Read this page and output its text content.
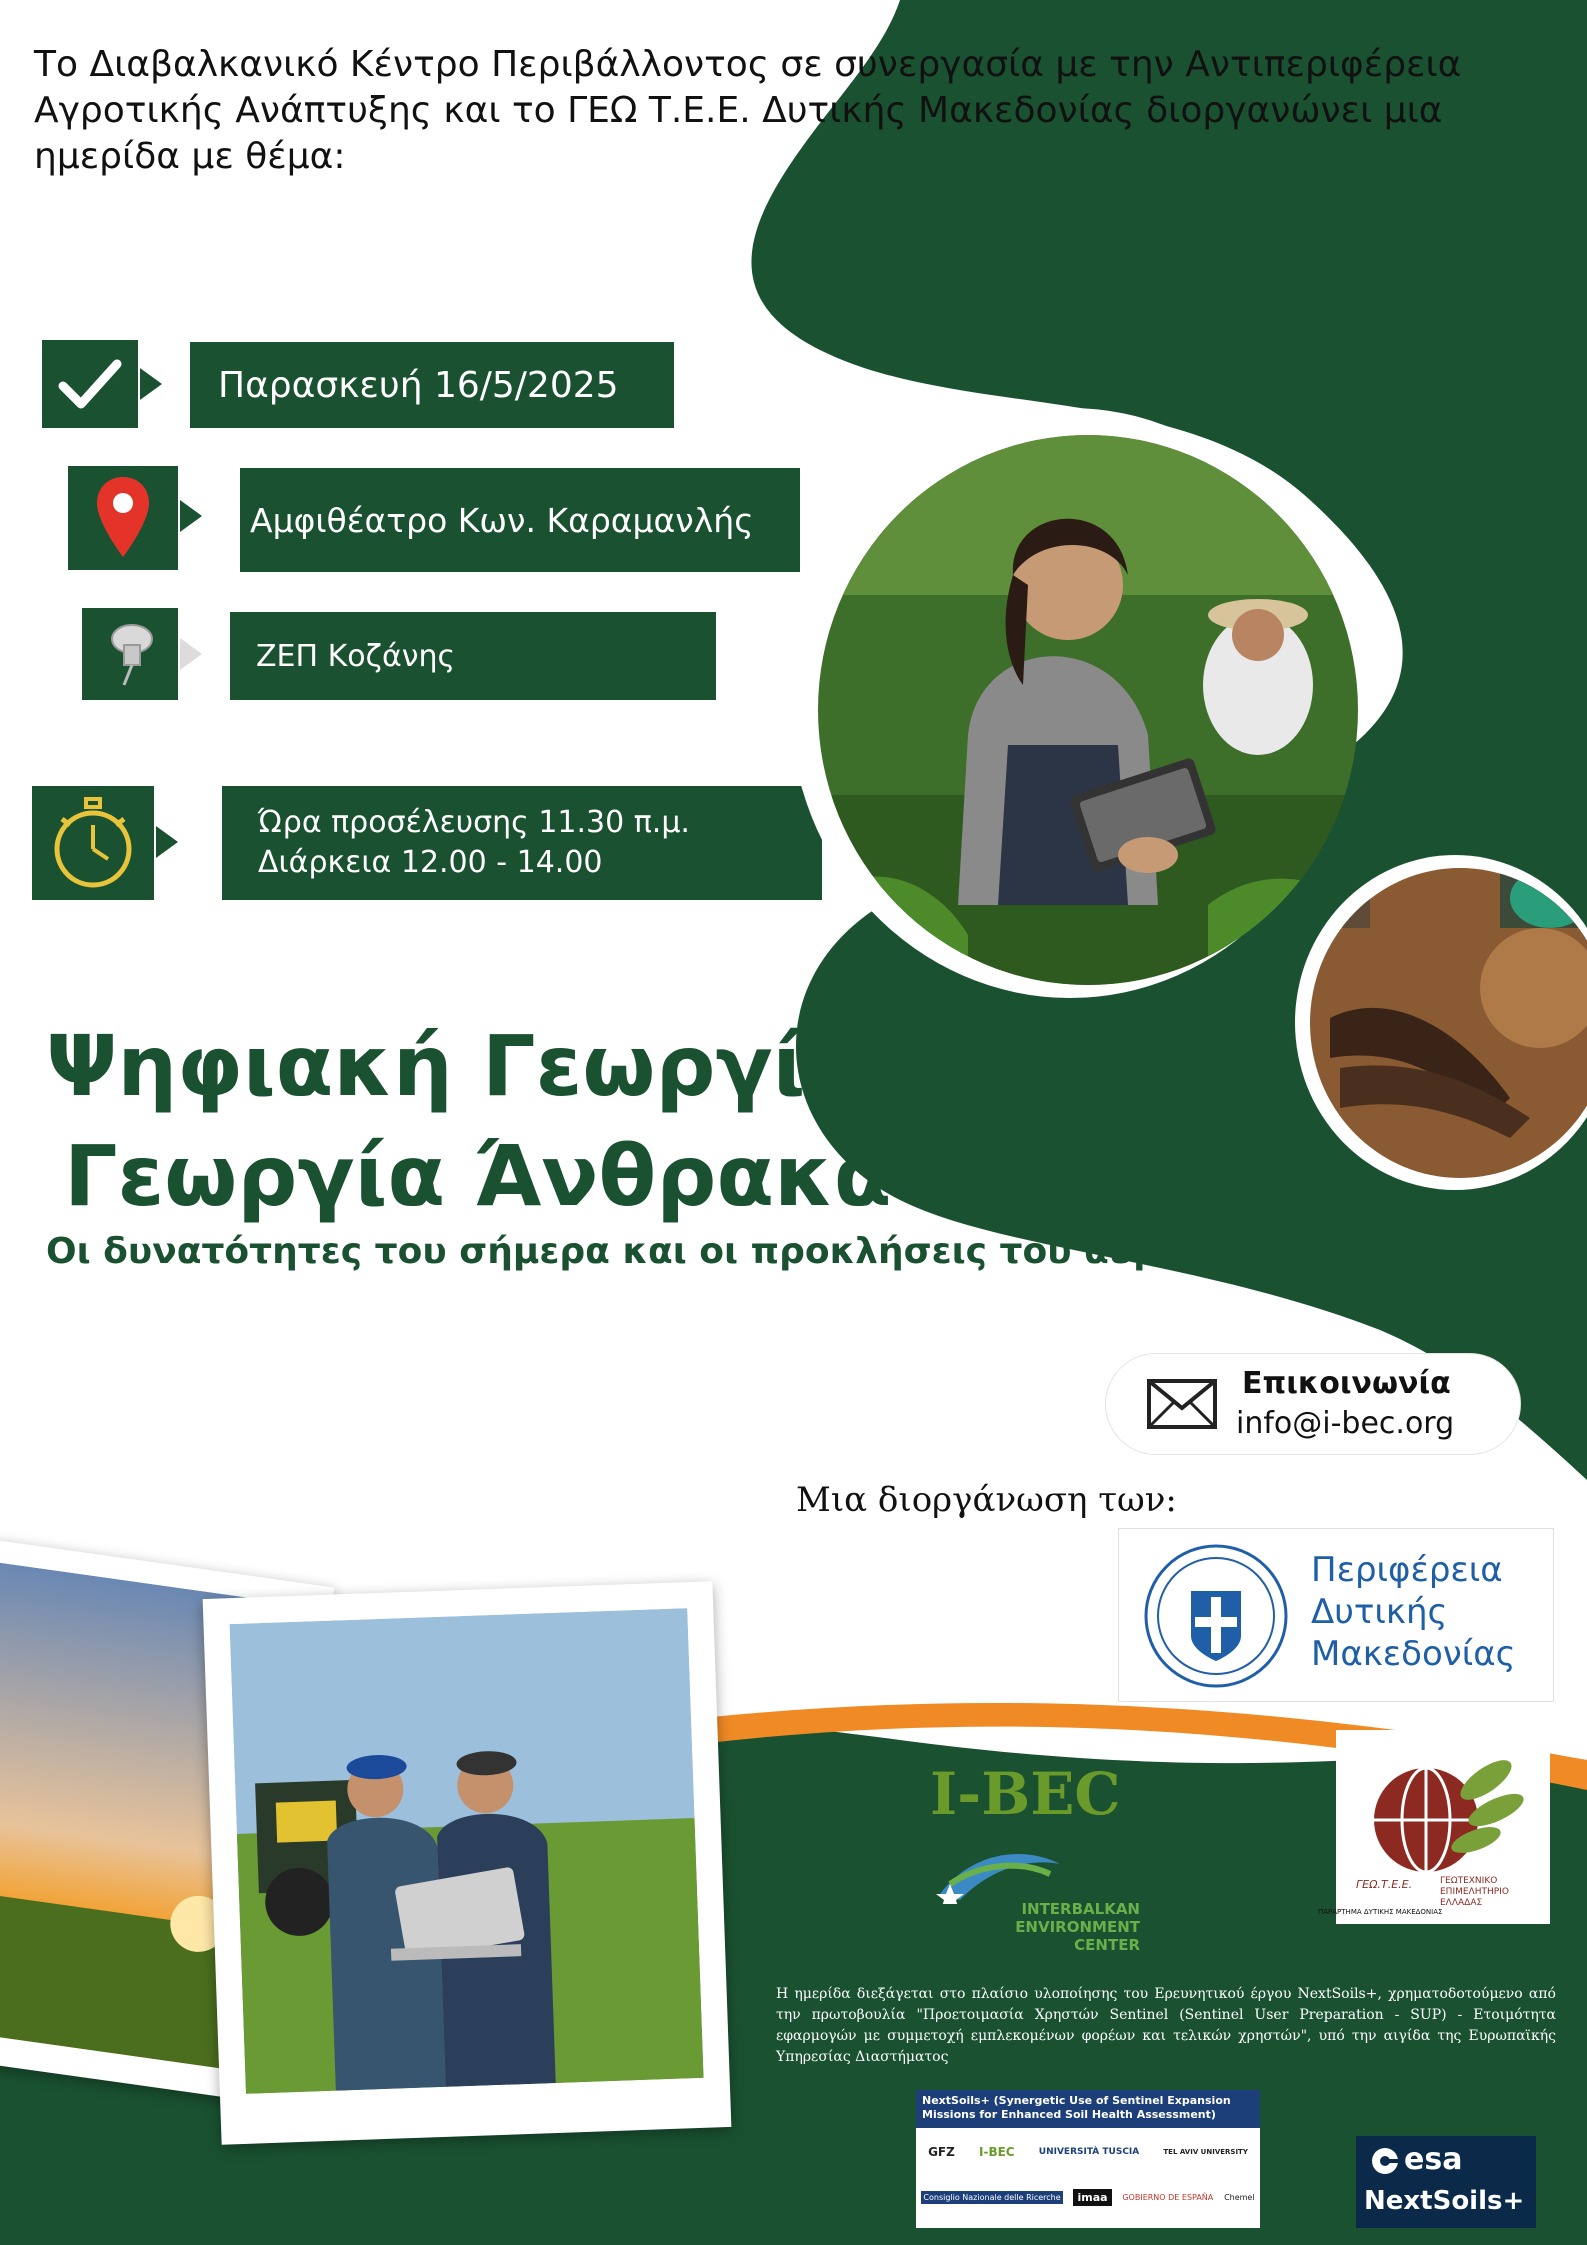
Το Διαβαλκανικό Κέντρο Περιβάλλοντος σε συνεργασία με την Αντιπεριφέρεια Αγροτικής Ανάπτυξης και το ΓΕΩ Τ.Ε.Ε. Δυτικής Μακεδονίας διοργανώνει μια ημερίδα με θέμα:
Παρασκευή 16/5/2025
Αμφιθέατρο Κων. Καραμανλής
ΖΕΠ Κοζάνης
Ώρα προσέλευσης 11.30 π.μ.
Διάρκεια 12.00 - 14.00
Ψηφιακή Γεωργία &
Γεωργία Άνθρακα
Οι δυνατότητες του σήμερα και οι προκλήσεις του αύριο
Επικοινωνία
info@i-bec.org
Μια διοργάνωση των:
Περιφέρεια
Δυτικής
Μακεδονίας
I-BEC
INTERBALKAN
ENVIRONMENT CENTER
ΓΕΩ.Τ.Ε.Ε.	ΓΕΩΤΕΧΝΙΚΟ
ΕΠΙΜΕΛΗΤΗΡΙΟ
ΕΛΛΑΔΑΣ
ΠΑΡΑΡΤΗΜΑ ΔΥΤΙΚΗΣ ΜΑΚΕΔΟΝΙΑΣ
Η ημερίδα διεξάγεται στο πλαίσιο υλοποίησης του Ερευνητικού έργου NextSoils+, χρηματοδοτούμενο από την πρωτοβουλία "Προετοιμασία Χρηστών Sentinel (Sentinel User Preparation - SUP) - Ετοιμότητα εφαρμογών με συμμετοχή εμπλεκομένων φορέων και τελικών χρηστών", υπό την αιγίδα της Ευρωπαϊκής Υπηρεσίας Διαστήματος
NextSoils+ (Synergetic Use of Sentinel Expansion Missions for Enhanced Soil Health Assessment)
GFZ I-BEC	UNIVERSITÀ TUSCIA	TEL AVIV UNIVERSITY
Consiglio Nazionale delle Ricerche	imaa	GOBIERNO DE ESPAÑA Chemel
esa
NextSoils+
